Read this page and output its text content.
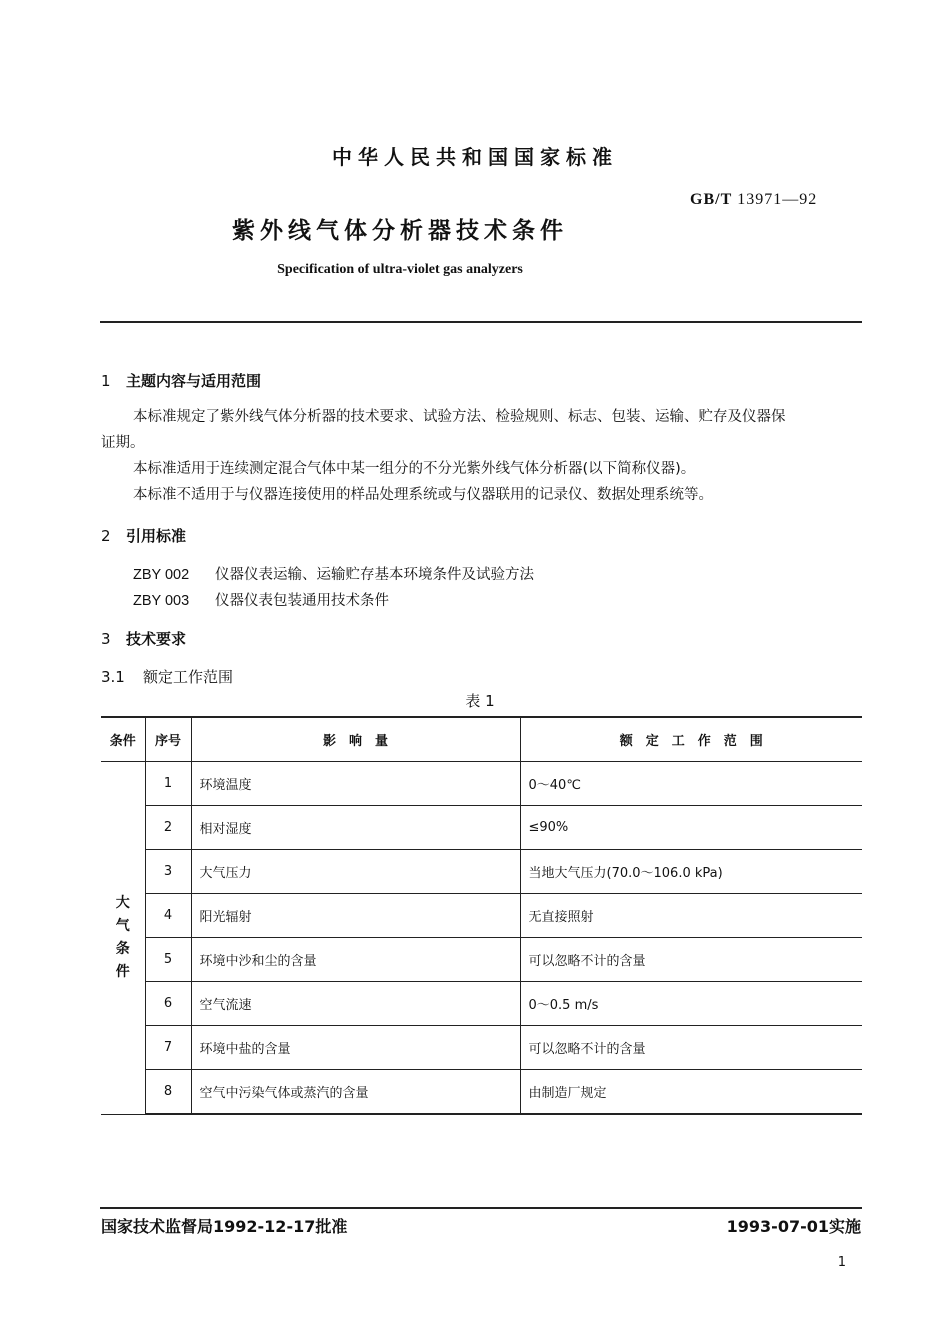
中华人民共和国国家标准
GB/T 13971—92
紫外线气体分析器技术条件
Specification of ultra-violet gas analyzers
1 主题内容与适用范围
本标准规定了紫外线气体分析器的技术要求、试验方法、检验规则、标志、包装、运输、贮存及仪器保
证期。
本标准适用于连续测定混合气体中某一组分的不分光紫外线气体分析器(以下简称仪器)。
本标准不适用于与仪器连接使用的样品处理系统或与仪器联用的记录仪、数据处理系统等。
2 引用标准
ZBY 002 仪器仪表运输、运输贮存基本环境条件及试验方法
ZBY 003 仪器仪表包装通用技术条件
3 技术要求
3.1 额定工作范围
表 1
条件	序号	影　响　量	额　定　工　作　范　围
大气条件	1	环境温度	0～40℃
	2	相对湿度	≤90%
	3	大气压力	当地大气压力(70.0～106.0 kPa)
	4	阳光辐射	无直接照射
	5	环境中沙和尘的含量	可以忽略不计的含量
	6	空气流速	0～0.5 m/s
	7	环境中盐的含量	可以忽略不计的含量
	8	空气中污染气体或蒸汽的含量	由制造厂规定
国家技术监督局1992-12-17批准	1993-07-01实施
1
